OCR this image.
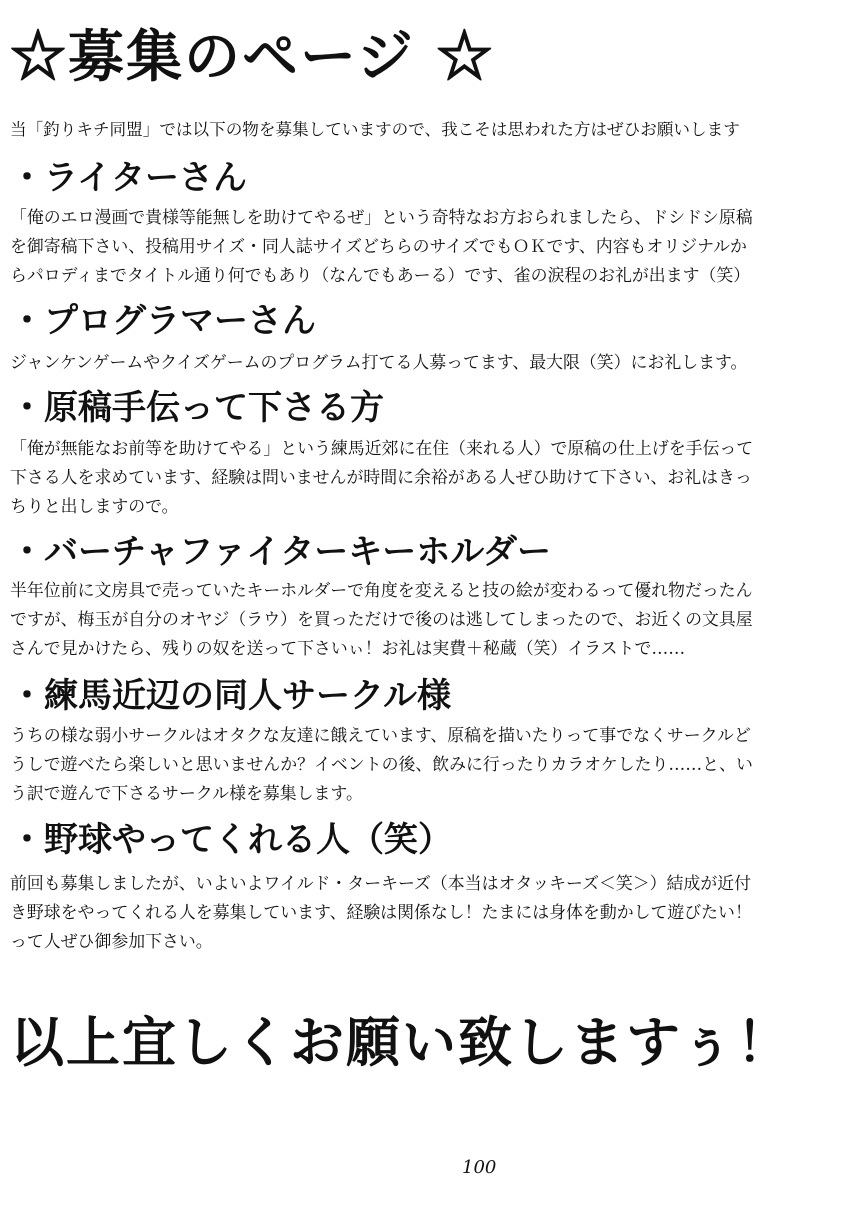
☆募集のページ ☆
当「釣りキチ同盟」では以下の物を募集していますので、我こそは思われた方はぜひお願いします
・ライターさん
「俺のエロ漫画で貴様等能無しを助けてやるぜ」という奇特なお方おられましたら、ドシドシ原稿
を御寄稿下さい、投稿用サイズ・同人誌サイズどちらのサイズでもＯＫです、内容もオリジナルか
らパロディまでタイトル通り何でもあり（なんでもあーる）です、雀の涙程のお礼が出ます（笑）
・プログラマーさん
ジャンケンゲームやクイズゲームのプログラム打てる人募ってます、最大限（笑）にお礼します。
・原稿手伝って下さる方
「俺が無能なお前等を助けてやる」という練馬近郊に在住（来れる人）で原稿の仕上げを手伝って
下さる人を求めています、経験は問いませんが時間に余裕がある人ぜひ助けて下さい、お礼はきっ
ちりと出しますので。
・バーチャファイターキーホルダー
半年位前に文房具で売っていたキーホルダーで角度を変えると技の絵が変わるって優れ物だったん
ですが、梅玉が自分のオヤジ（ラウ）を買っただけで後のは逃してしまったので、お近くの文具屋
さんで見かけたら、残りの奴を送って下さいぃ！お礼は実費＋秘蔵（笑）イラストで……
・練馬近辺の同人サークル様
うちの様な弱小サークルはオタクな友達に餓えています、原稿を描いたりって事でなくサークルど
うしで遊べたら楽しいと思いませんか？イベントの後、飲みに行ったりカラオケしたり……と、い
う訳で遊んで下さるサークル様を募集します。
・野球やってくれる人（笑）
前回も募集しましたが、いよいよワイルド・ターキーズ（本当はオタッキーズ＜笑＞）結成が近付
き野球をやってくれる人を募集しています、経験は関係なし！たまには身体を動かして遊びたい！
って人ぜひ御参加下さい。
以上宜しくお願い致しますぅ！
100
